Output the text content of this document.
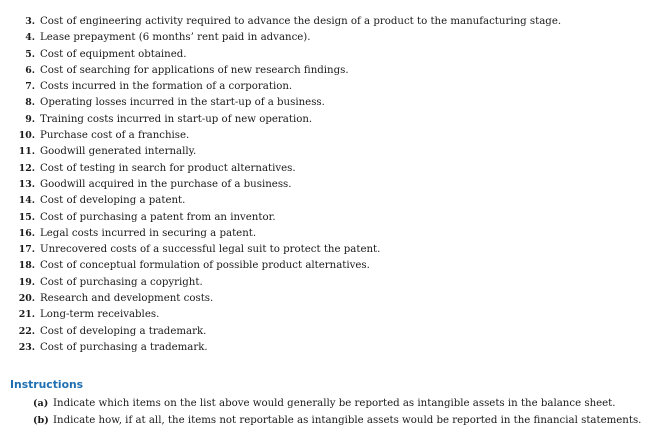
3. Cost of engineering activity required to advance the design of a product to the manufacturing stage.
4. Lease prepayment (6 months’ rent paid in advance).
5. Cost of equipment obtained.
6. Cost of searching for applications of new research findings.
7. Costs incurred in the formation of a corporation.
8. Operating losses incurred in the start-up of a business.
9. Training costs incurred in start-up of new operation.
10. Purchase cost of a franchise.
11. Goodwill generated internally.
12. Cost of testing in search for product alternatives.
13. Goodwill acquired in the purchase of a business.
14. Cost of developing a patent.
15. Cost of purchasing a patent from an inventor.
16. Legal costs incurred in securing a patent.
17. Unrecovered costs of a successful legal suit to protect the patent.
18. Cost of conceptual formulation of possible product alternatives.
19. Cost of purchasing a copyright.
20. Research and development costs.
21. Long-term receivables.
22. Cost of developing a trademark.
23. Cost of purchasing a trademark.
Instructions
(a) Indicate which items on the list above would generally be reported as intangible assets in the balance sheet.
(b) Indicate how, if at all, the items not reportable as intangible assets would be reported in the financial statements.
